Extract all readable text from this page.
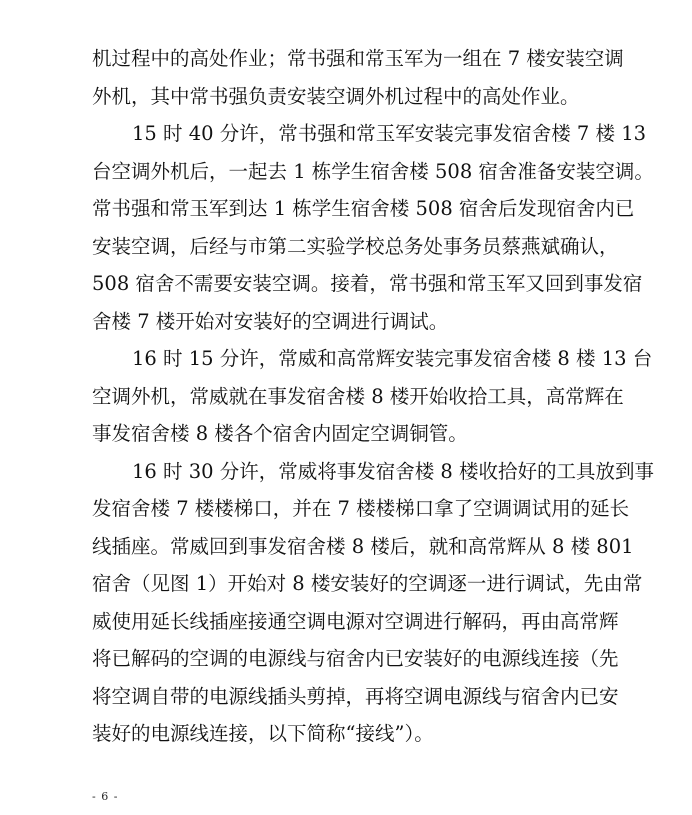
机过程中的高处作业；常书强和常玉军为一组在 7 楼安装空调
外机，其中常书强负责安装空调外机过程中的高处作业。
15 时 40 分许，常书强和常玉军安装完事发宿舍楼 7 楼 13
台空调外机后，一起去 1 栋学生宿舍楼 508 宿舍准备安装空调。
常书强和常玉军到达 1 栋学生宿舍楼 508 宿舍后发现宿舍内已
安装空调，后经与市第二实验学校总务处事务员蔡燕斌确认，
508 宿舍不需要安装空调。接着，常书强和常玉军又回到事发宿
舍楼 7 楼开始对安装好的空调进行调试。
16 时 15 分许，常威和高常辉安装完事发宿舍楼 8 楼 13 台
空调外机，常威就在事发宿舍楼 8 楼开始收拾工具，高常辉在
事发宿舍楼 8 楼各个宿舍内固定空调铜管。
16 时 30 分许，常威将事发宿舍楼 8 楼收拾好的工具放到事
发宿舍楼 7 楼楼梯口，并在 7 楼楼梯口拿了空调调试用的延长
线插座。常威回到事发宿舍楼 8 楼后，就和高常辉从 8 楼 801
宿舍（见图 1）开始对 8 楼安装好的空调逐一进行调试，先由常
威使用延长线插座接通空调电源对空调进行解码，再由高常辉
将已解码的空调的电源线与宿舍内已安装好的电源线连接（先
将空调自带的电源线插头剪掉，再将空调电源线与宿舍内已安
装好的电源线连接，以下简称“接线”）。
- 6 -
